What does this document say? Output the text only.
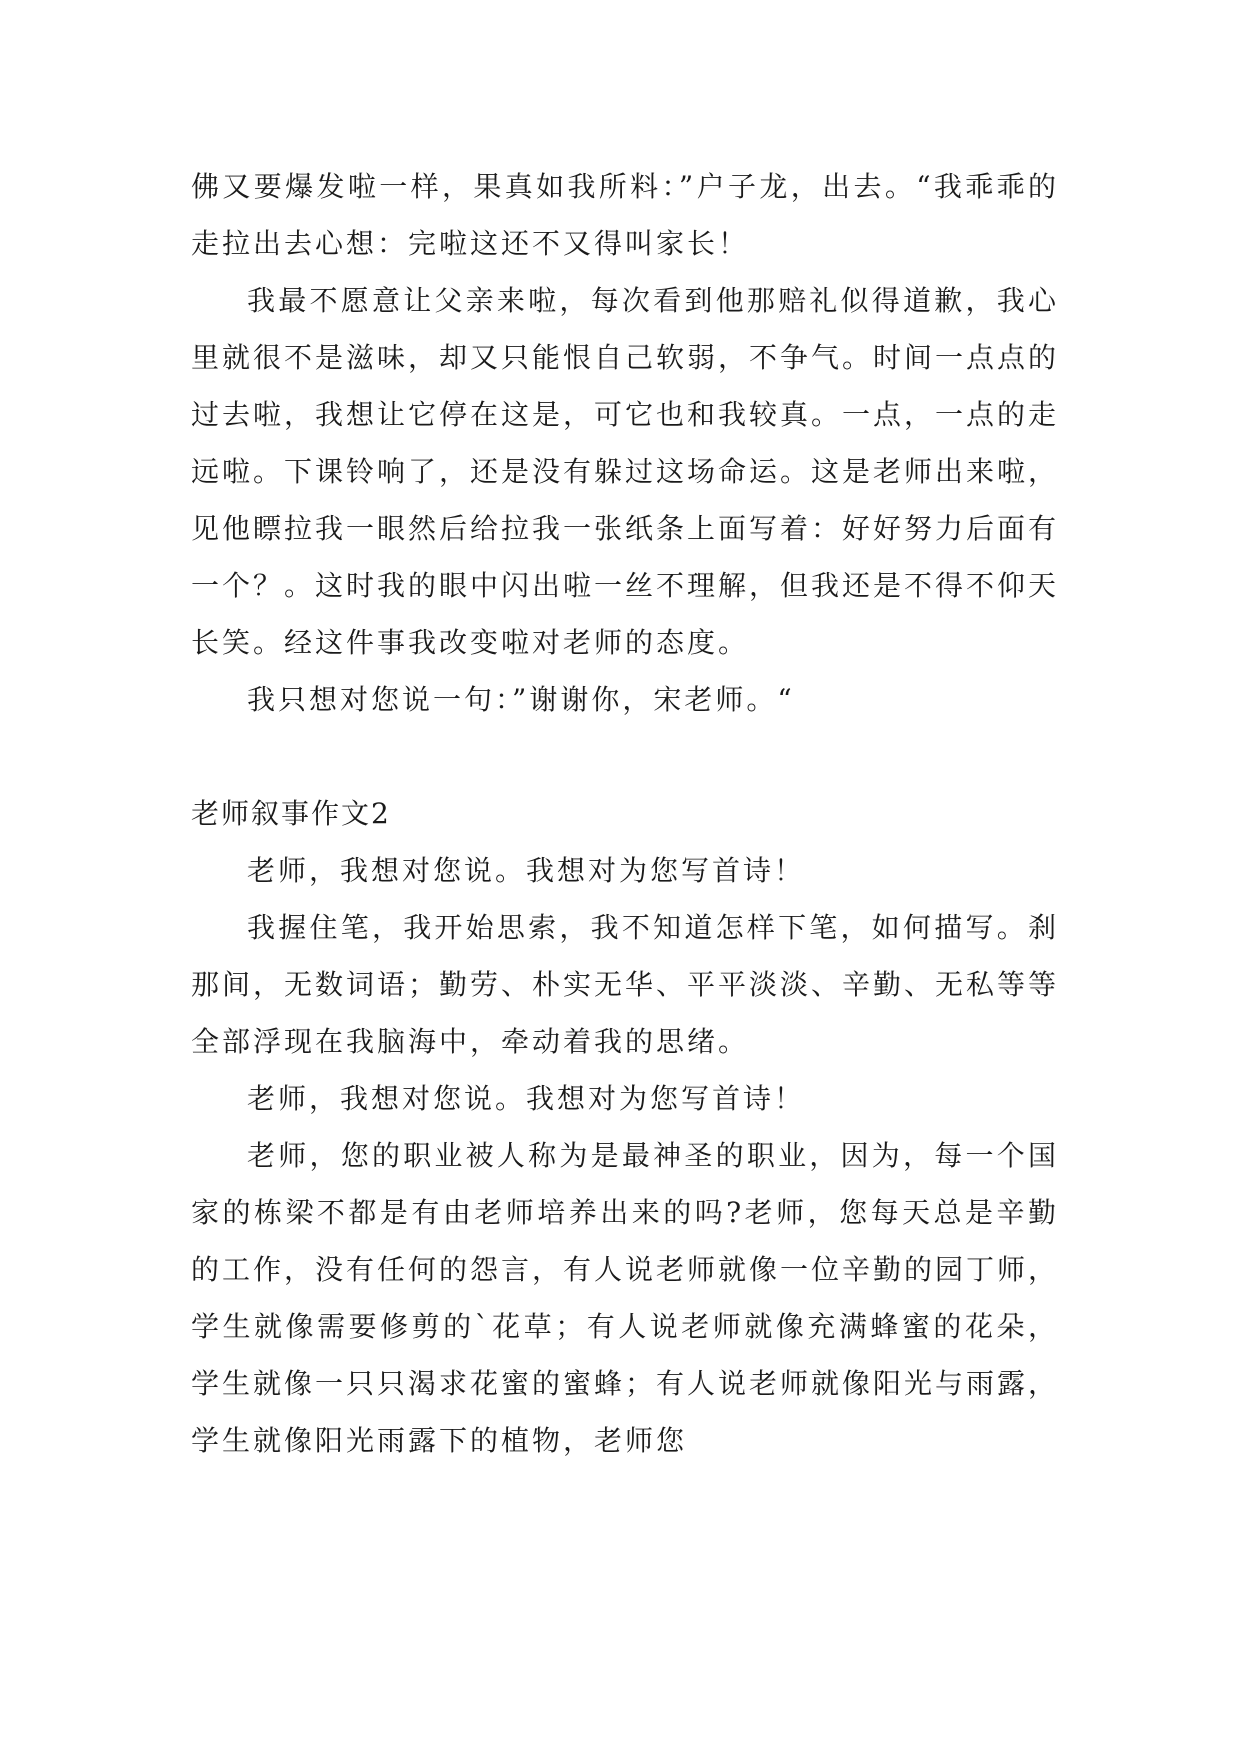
佛又要爆发啦一样，果真如我所料：”户子龙，出去。“我乖乖的走拉出去心想：完啦这还不又得叫家长！

我最不愿意让父亲来啦，每次看到他那赔礼似得道歉，我心里就很不是滋味，却又只能恨自己软弱，不争气。时间一点点的过去啦，我想让它停在这是，可它也和我较真。一点，一点的走远啦。下课铃响了，还是没有躲过这场命运。这是老师出来啦，见他瞟拉我一眼然后给拉我一张纸条上面写着：好好努力后面有一个？。这时我的眼中闪出啦一丝不理解，但我还是不得不仰天长笑。经这件事我改变啦对老师的态度。

我只想对您说一句：”谢谢你，宋老师。“

老师叙事作文2

老师，我想对您说。我想对为您写首诗！

我握住笔，我开始思索，我不知道怎样下笔，如何描写。刹那间，无数词语；勤劳、朴实无华、平平淡淡、辛勤、无私等等全部浮现在我脑海中，牵动着我的思绪。

老师，我想对您说。我想对为您写首诗！

老师，您的职业被人称为是最神圣的职业，因为，每一个国家的栋梁不都是有由老师培养出来的吗?老师，您每天总是辛勤的工作，没有任何的怨言，有人说老师就像一位辛勤的园丁师，学生就像需要修剪的`花草；有人说老师就像充满蜂蜜的花朵，学生就像一只只渴求花蜜的蜜蜂；有人说老师就像阳光与雨露，学生就像阳光雨露下的植物，老师您
